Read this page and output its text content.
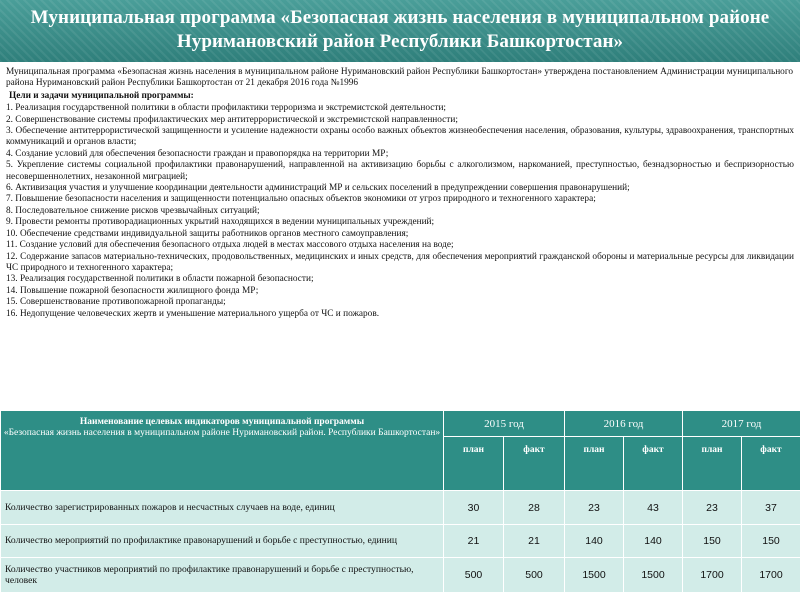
Муниципальная программа «Безопасная жизнь населения в муниципальном районе Нуримановский район Республики Башкортостан»

Муниципальная программа «Безопасная жизнь населения в муниципальном районе Нуримановский район Республики Башкортостан» утверждена постановлением Администрации муниципального района Нуримановский район Республики Башкортостан от 21 декабря 2016 года №1996

Цели и задачи муниципальной программы:

1. Реализация государственной политики в области профилактики терроризма и экстремистской деятельности;
2. Совершенствование системы профилактических мер антитеррористической и экстремистской направленности;
3. Обеспечение антитеррористической защищенности и усиление надежности охраны особо важных объектов жизнеобеспечения населения, образования, культуры, здравоохранения, транспортных коммуникаций и органов власти;
4. Создание условий для обеспечения безопасности граждан и правопорядка на территории МР;
5. Укрепление системы социальной профилактики правонарушений, направленной на активизацию борьбы с алкоголизмом, наркоманией, преступностью, безнадзорностью и беспризорностью несовершеннолетних, незаконной миграцией;
6. Активизация участия и улучшение координации деятельности администраций МР и сельских поселений в предупреждении совершения правонарушений;
7. Повышение безопасности населения и защищенности потенциально опасных объектов экономики от угроз природного и техногенного характера;
8. Последовательное снижение рисков чрезвычайных ситуаций;
9. Провести ремонты противорадиационных укрытий находящихся в ведении муниципальных учреждений;
10. Обеспечение средствами индивидуальной защиты работников органов местного самоуправления;
11. Создание условий для обеспечения безопасного отдыха людей в местах массового отдыха населения на воде;
12. Содержание запасов материально-технических, продовольственных, медицинских и иных средств, для обеспечения мероприятий гражданской обороны и материальные ресурсы для ликвидации ЧС природного и техногенного характера;
13. Реализация государственной политики в области пожарной безопасности;
14. Повышение пожарной безопасности жилищного фонда МР;
15. Совершенствование противопожарной пропаганды;
16. Недопущение человеческих жертв и уменьшение материального ущерба от ЧС и пожаров.
Наименование целевых индикаторов муниципальной программы
«Безопасная жизнь населения в муниципальном районе Нуримановский район. Республики Башкортостан»	2015 год		2016 год		2017 год	
	план	факт	план	факт	план	факт
Количество зарегистрированных пожаров и несчастных случаев на воде, единиц	30	28	23	43	23	37
Количество мероприятий по профилактике правонарушений и борьбе с преступностью, единиц	21	21	140	140	150	150
Количество участников мероприятий по профилактике правонарушений и борьбе с преступностью, человек	500	500	1500	1500	1700	1700
